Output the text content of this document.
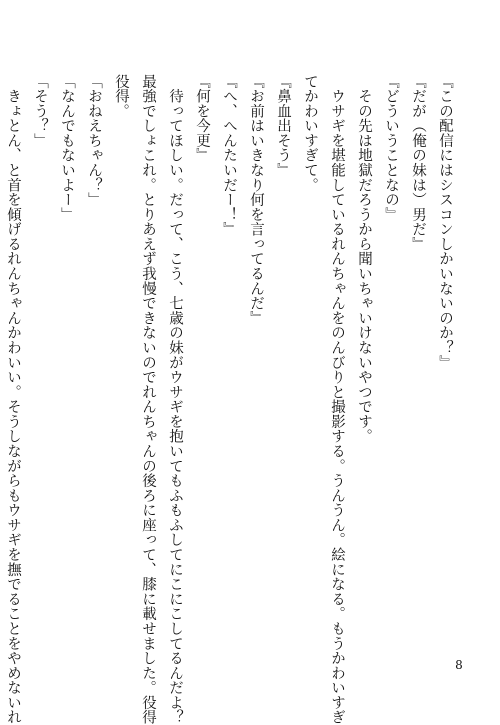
『この配信にはシスコンしかいないのか？』
『だが（俺の妹は）男だ』
『どういうことなの』
　その先は地獄だろうから聞いちゃいけないやつです。
　ウサギを堪能しているれんちゃんをのんびりと撮影する。うんうん。絵になる。もうかわいすぎ
てかわいすぎて。
『鼻血出そう』
『お前はいきなり何を言ってるんだ』
『へ、へんたいだー！』
『何を今更』
　待ってほしい。だって、こう、七歳の妹がウサギを抱いてもふもふしてにこにこしてるんだよ？
最強でしょこれ。とりあえず我慢できないのでれんちゃんの後ろに座って、膝に載せました。役得
役得。
「おねえちゃん？」
「なんでもないよー」
「そう？」
　きょとん、と首を傾げるれんちゃんかわいい。そうしながらもウサギを撫でることをやめないれ	8
